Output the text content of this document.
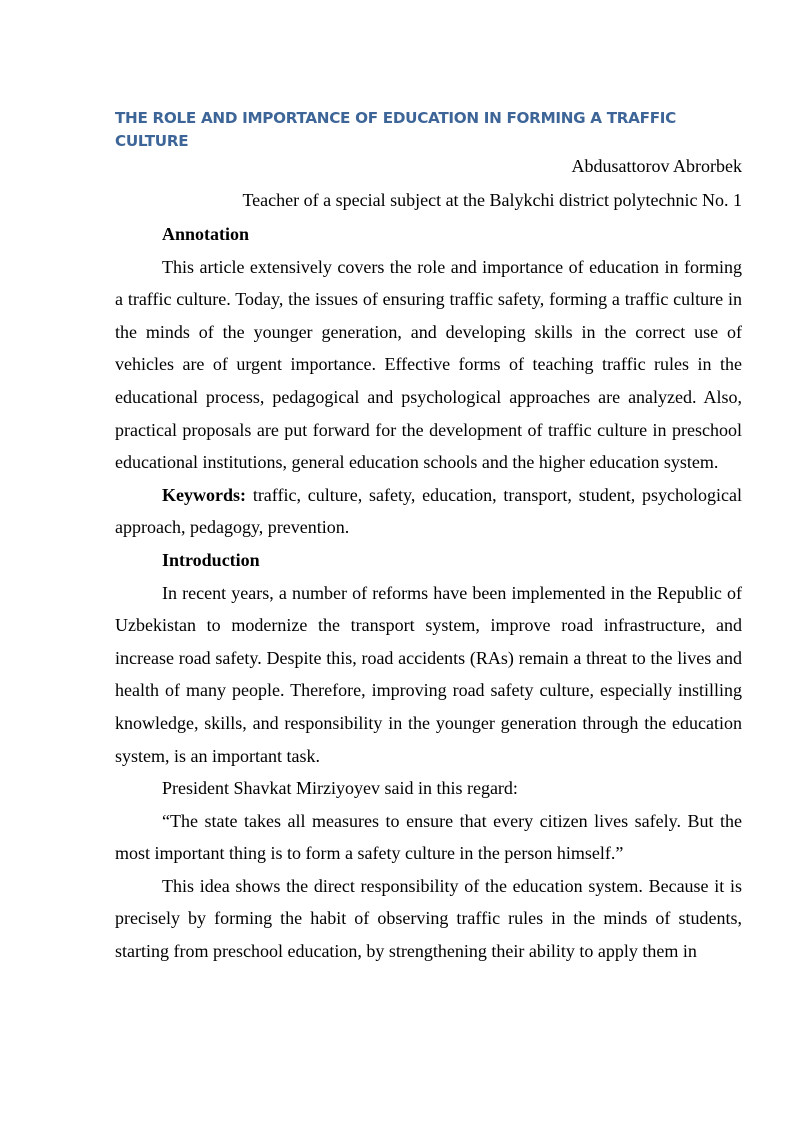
THE ROLE AND IMPORTANCE OF EDUCATION IN FORMING A TRAFFIC CULTURE

Abdusattorov Abrorbek

Teacher of a special subject at the Balykchi district polytechnic No. 1

Annotation

This article extensively covers the role and importance of education in forming a traffic culture. Today, the issues of ensuring traffic safety, forming a traffic culture in the minds of the younger generation, and developing skills in the correct use of vehicles are of urgent importance. Effective forms of teaching traffic rules in the educational process, pedagogical and psychological approaches are analyzed. Also, practical proposals are put forward for the development of traffic culture in preschool educational institutions, general education schools and the higher education system.

Keywords: traffic, culture, safety, education, transport, student, psychological approach, pedagogy, prevention.

Introduction

In recent years, a number of reforms have been implemented in the Republic of Uzbekistan to modernize the transport system, improve road infrastructure, and increase road safety. Despite this, road accidents (RAs) remain a threat to the lives and health of many people. Therefore, improving road safety culture, especially instilling knowledge, skills, and responsibility in the younger generation through the education system, is an important task.

President Shavkat Mirziyoyev said in this regard:

“The state takes all measures to ensure that every citizen lives safely. But the most important thing is to form a safety culture in the person himself.”

This idea shows the direct responsibility of the education system. Because it is precisely by forming the habit of observing traffic rules in the minds of students, starting from preschool education, by strengthening their ability to apply them in
